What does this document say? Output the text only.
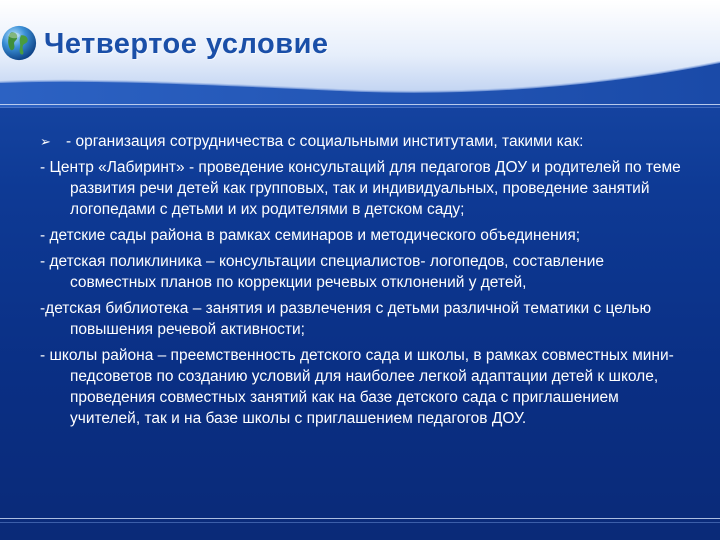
Четвертое условие

➢ - организация сотрудничества с социальными институтами, такими как:

- Центр «Лабиринт» - проведение консультаций для педагогов ДОУ и родителей по теме развития речи детей как групповых, так и индивидуальных, проведение занятий логопедами с детьми и их родителями в детском саду;

- детские сады района в рамках семинаров и методического объединения;

- детская поликлиника – консультации специалистов- логопедов, составление совместных планов по коррекции речевых отклонений у детей,

-детская библиотека – занятия и развлечения с детьми различной тематики с целью повышения речевой активности;

- школы района – преемственность детского сада и школы, в рамках совместных мини-педсоветов по созданию условий для наиболее легкой адаптации детей к школе, проведения совместных занятий как на базе детского сада с приглашением учителей, так и на базе школы с приглашением педагогов ДОУ.
